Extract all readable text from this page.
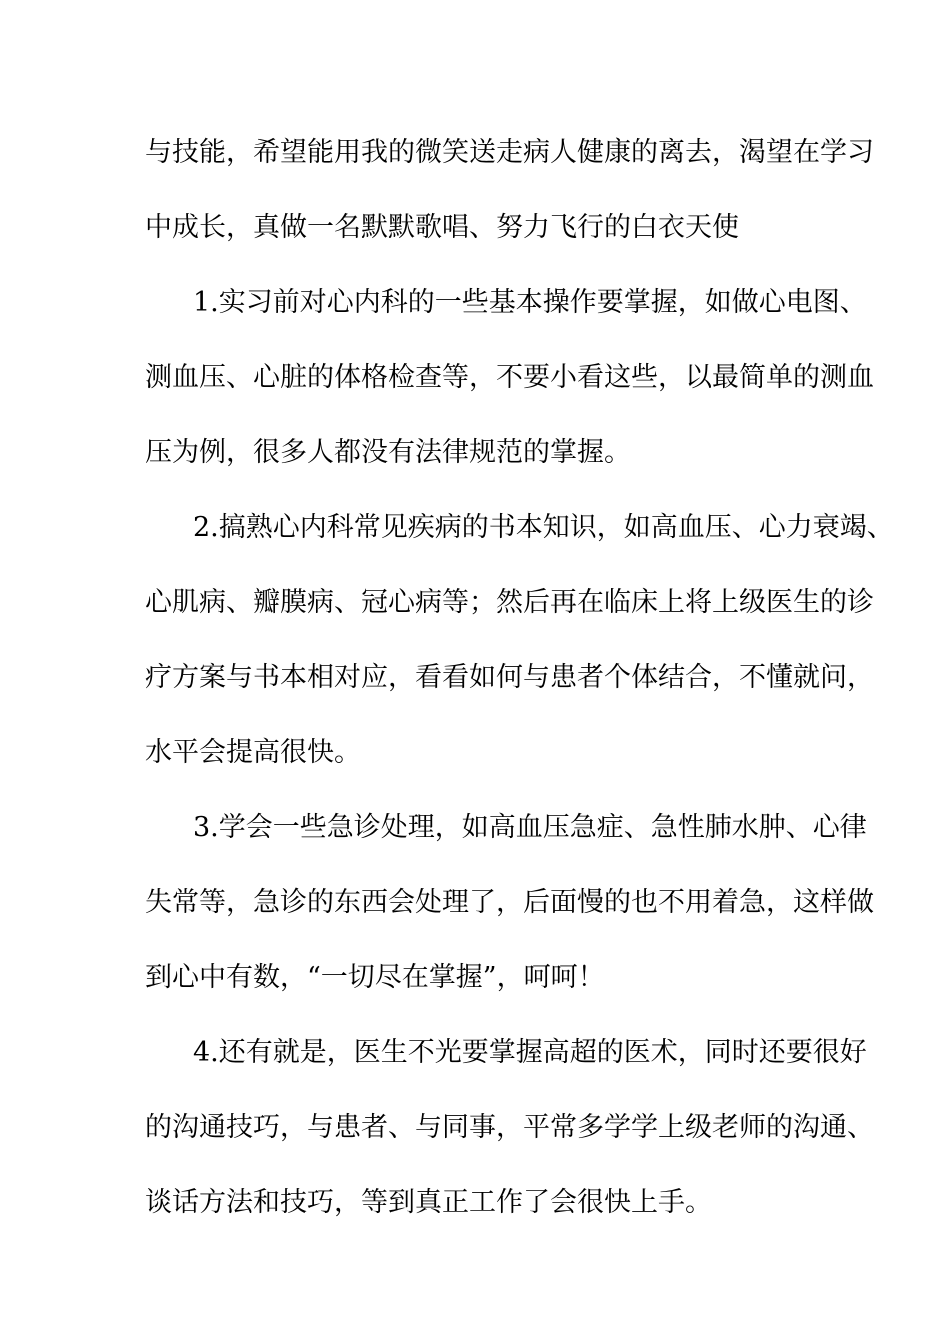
与技能，希望能用我的微笑送走病人健康的离去，渴望在学习
中成长，真做一名默默歌唱、努力飞行的白衣天使
1.实习前对心内科的一些基本操作要掌握，如做心电图、
测血压、心脏的体格检查等，不要小看这些，以最简单的测血
压为例，很多人都没有法律规范的掌握。
2.搞熟心内科常见疾病的书本知识，如高血压、心力衰竭、
心肌病、瓣膜病、冠心病等；然后再在临床上将上级医生的诊
疗方案与书本相对应，看看如何与患者个体结合，不懂就问，
水平会提高很快。
3.学会一些急诊处理，如高血压急症、急性肺水肿、心律
失常等，急诊的东西会处理了，后面慢的也不用着急，这样做
到心中有数，“一切尽在掌握”，呵呵！
4.还有就是，医生不光要掌握高超的医术，同时还要很好
的沟通技巧，与患者、与同事，平常多学学上级老师的沟通、
谈话方法和技巧，等到真正工作了会很快上手。
